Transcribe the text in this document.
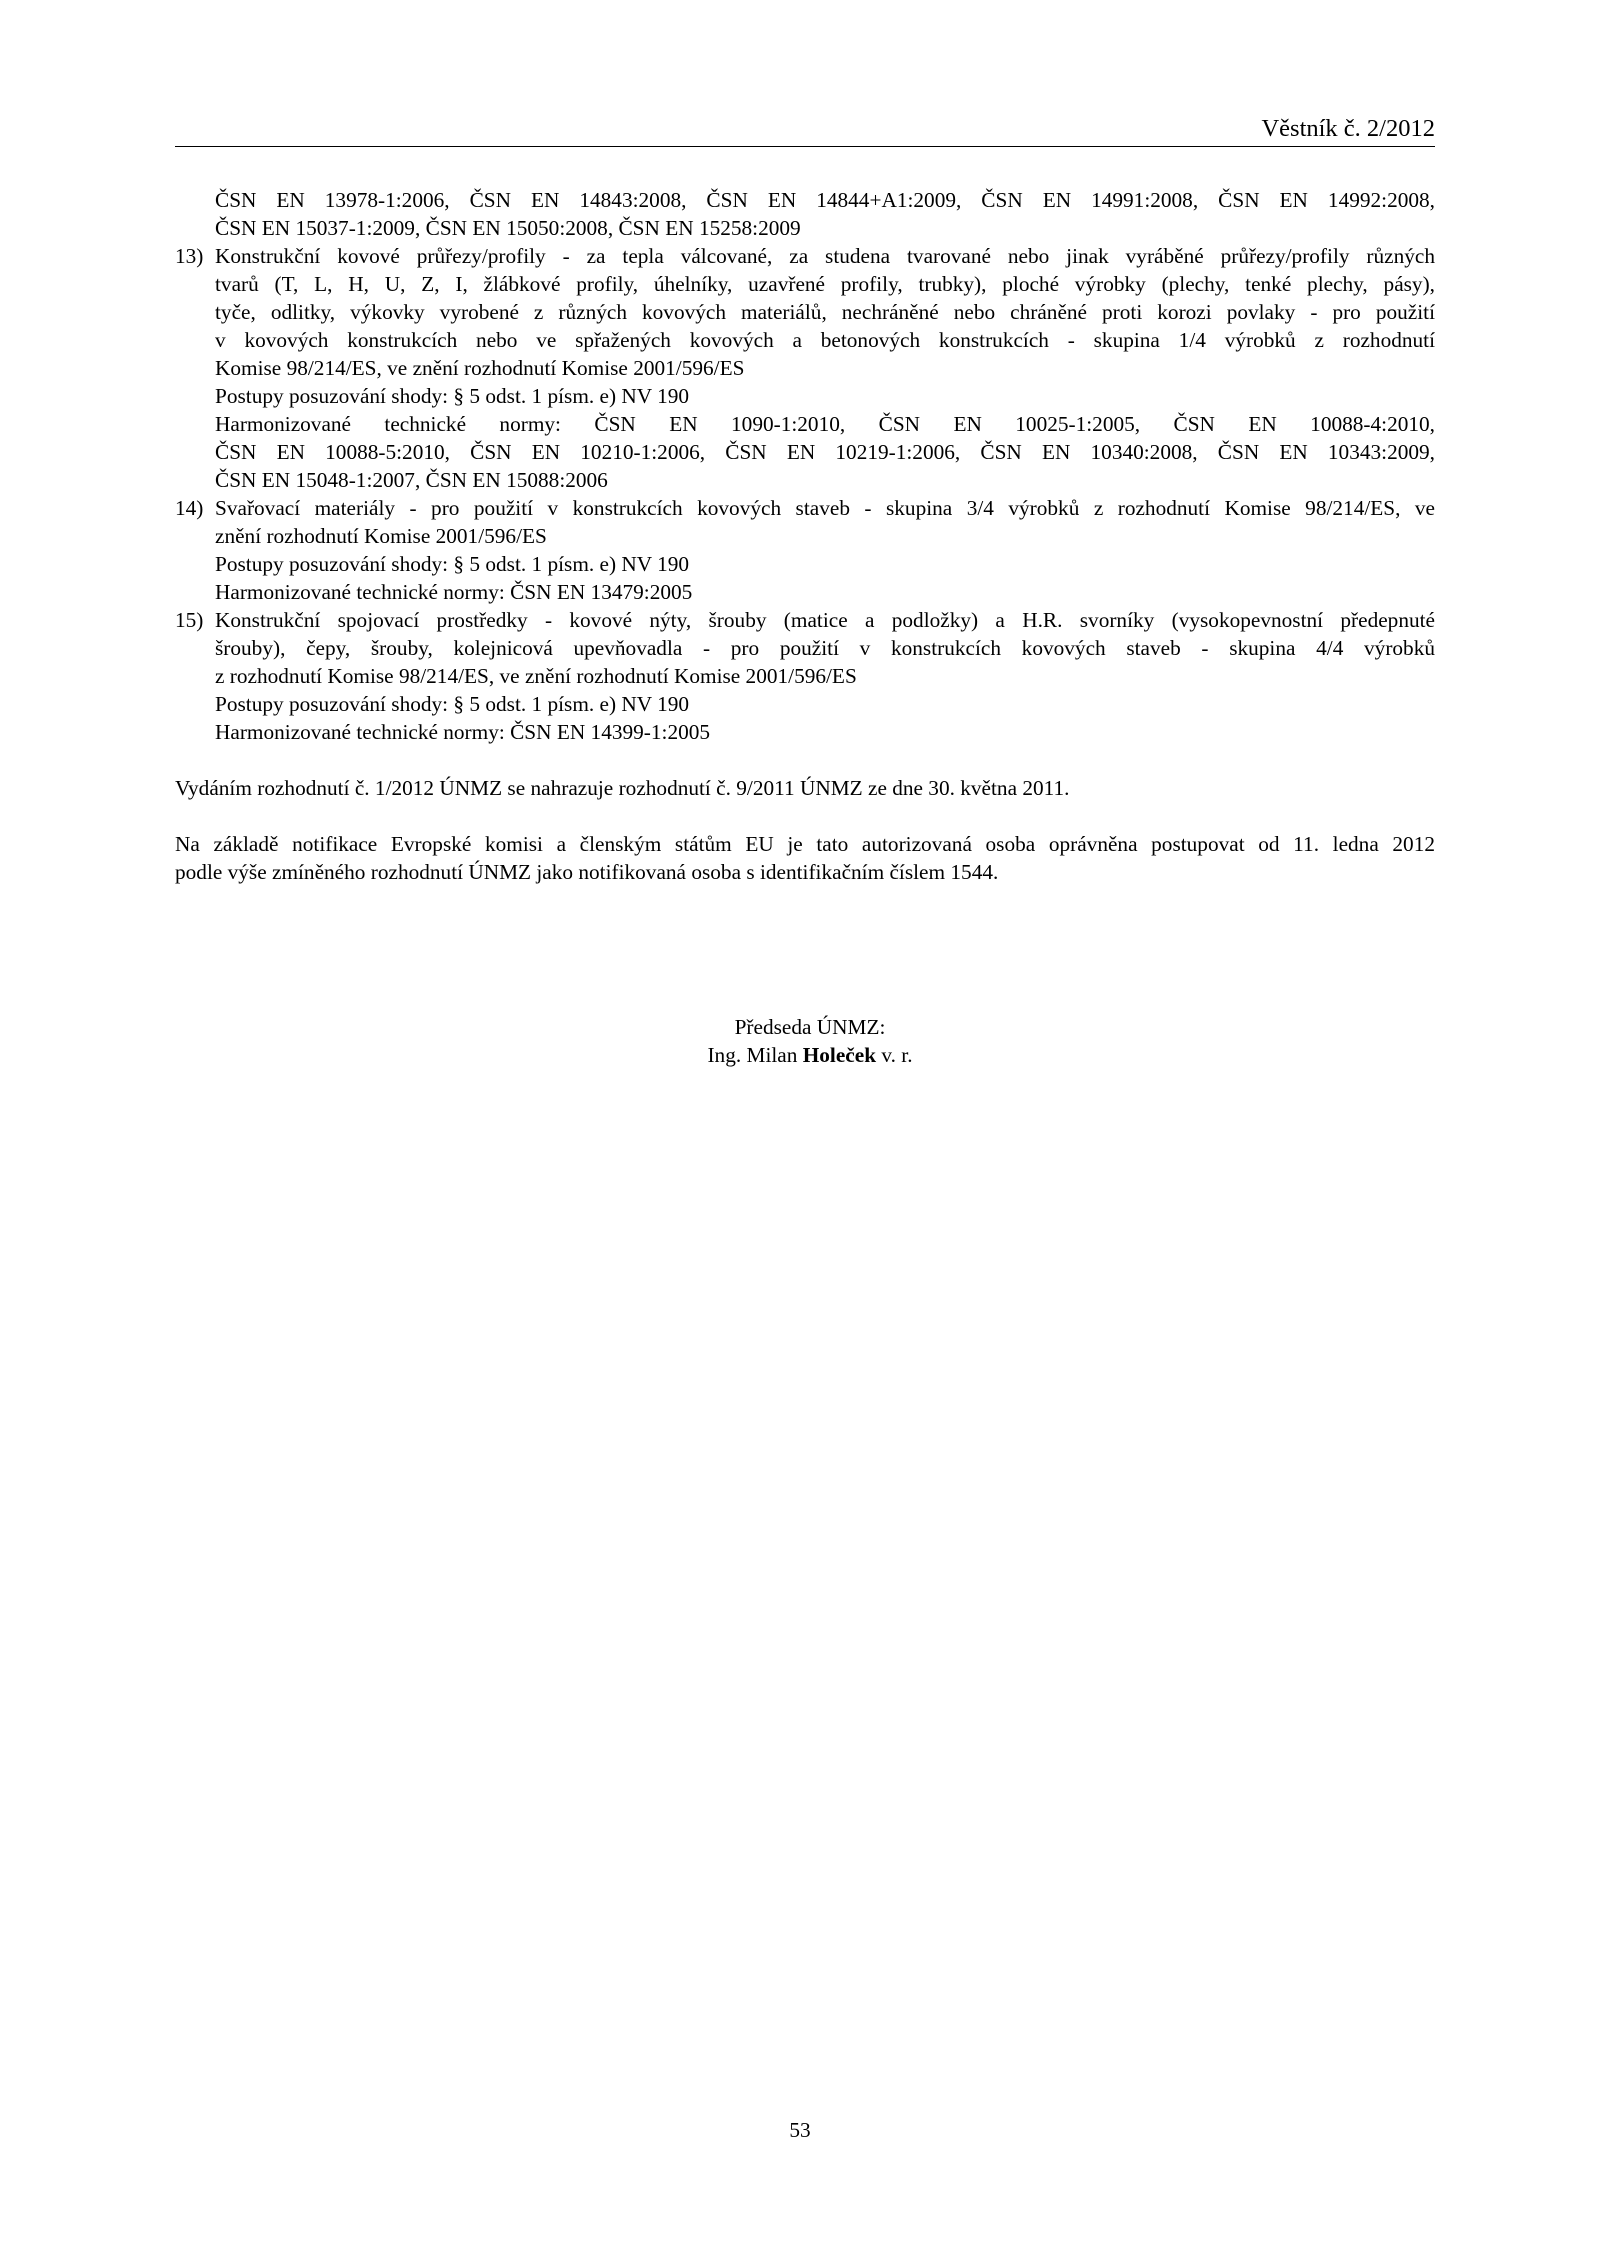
Věstník č. 2/2012
ČSN EN 13978-1:2006, ČSN EN 14843:2008, ČSN EN 14844+A1:2009, ČSN EN 14991:2008, ČSN EN 14992:2008,
ČSN EN 15037-1:2009, ČSN EN 15050:2008, ČSN EN 15258:2009
13) Konstrukční kovové průřezy/profily - za tepla válcované, za studena tvarované nebo jinak vyráběné průřezy/profily různých
tvarů (T, L, H, U, Z, I, žlábkové profily, úhelníky, uzavřené profily, trubky), ploché výrobky (plechy, tenké plechy, pásy),
tyče, odlitky, výkovky vyrobené z různých kovových materiálů, nechráněné nebo chráněné proti korozi povlaky - pro použití
v kovových konstrukcích nebo ve spřažených kovových a betonových konstrukcích - skupina 1/4 výrobků z rozhodnutí
Komise 98/214/ES, ve znění rozhodnutí Komise 2001/596/ES
Postupy posuzování shody: § 5 odst. 1 písm. e) NV 190
Harmonizované technické normy: ČSN EN 1090-1:2010, ČSN EN 10025-1:2005, ČSN EN 10088-4:2010,
ČSN EN 10088-5:2010, ČSN EN 10210-1:2006, ČSN EN 10219-1:2006, ČSN EN 10340:2008, ČSN EN 10343:2009,
ČSN EN 15048-1:2007, ČSN EN 15088:2006
14) Svařovací materiály - pro použití v konstrukcích kovových staveb - skupina 3/4 výrobků z rozhodnutí Komise 98/214/ES, ve
znění rozhodnutí Komise 2001/596/ES
Postupy posuzování shody: § 5 odst. 1 písm. e) NV 190
Harmonizované technické normy: ČSN EN 13479:2005
15) Konstrukční spojovací prostředky - kovové nýty, šrouby (matice a podložky) a H.R. svorníky (vysokopevnostní předepnuté
šrouby), čepy, šrouby, kolejnicová upevňovadla - pro použití v konstrukcích kovových staveb - skupina 4/4 výrobků
z rozhodnutí Komise 98/214/ES, ve znění rozhodnutí Komise 2001/596/ES
Postupy posuzování shody: § 5 odst. 1 písm. e) NV 190
Harmonizované technické normy: ČSN EN 14399-1:2005
Vydáním rozhodnutí č. 1/2012 ÚNMZ se nahrazuje rozhodnutí č. 9/2011 ÚNMZ ze dne 30. května 2011.
Na základě notifikace Evropské komisi a členským státům EU je tato autorizovaná osoba oprávněna postupovat od 11. ledna 2012
podle výše zmíněného rozhodnutí ÚNMZ jako notifikovaná osoba s identifikačním číslem 1544.
Předseda ÚNMZ:
Ing. Milan Holeček v. r.
53
